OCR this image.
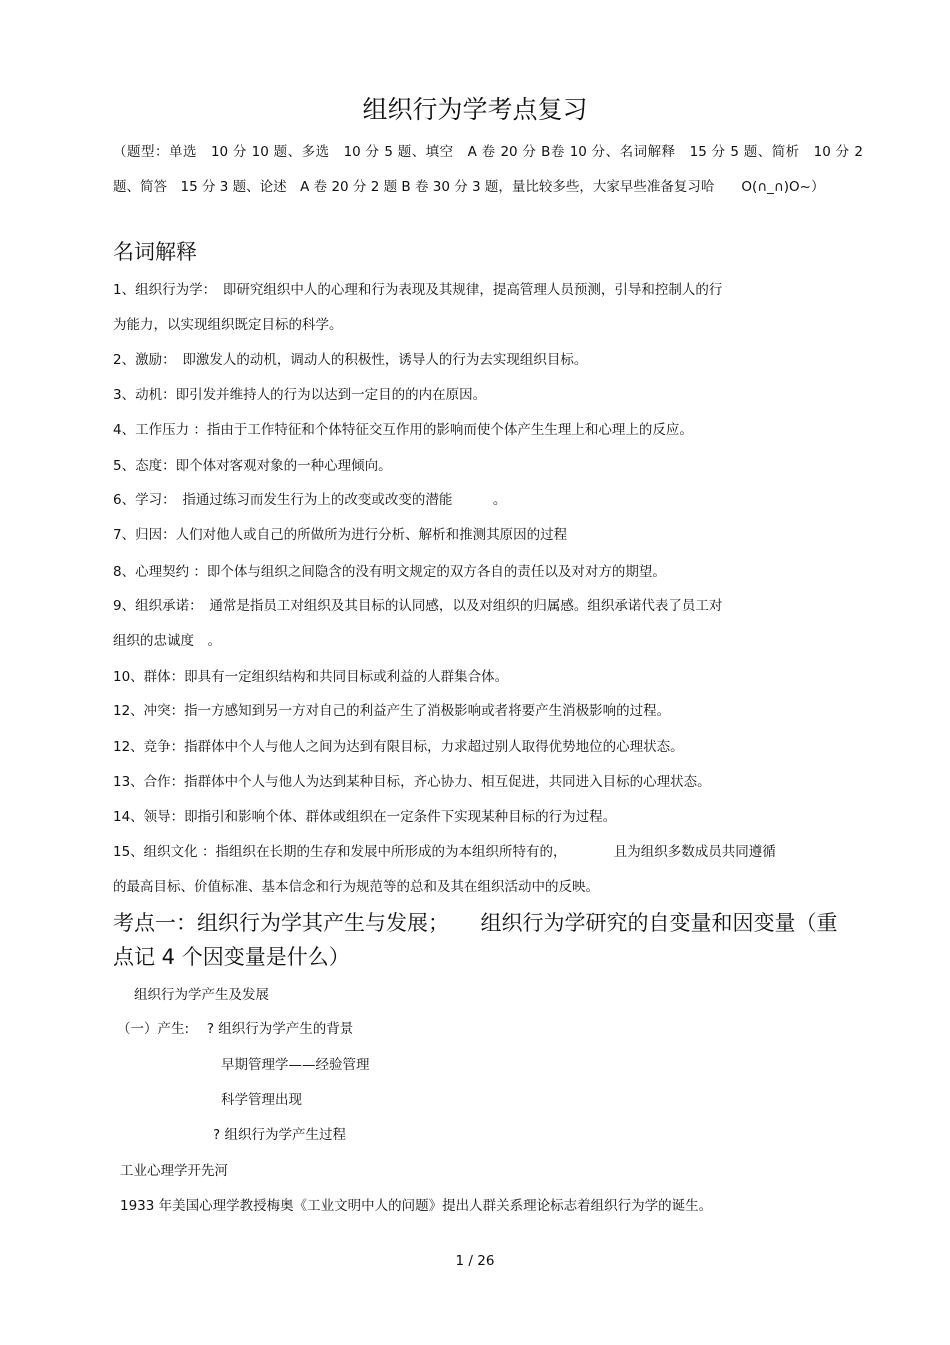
组织行为学考点复习
（题型：单选　10 分 10 题、多选　10 分 5 题、填空　A 卷 20 分 B卷 10 分、名词解释　15 分 5 题、简析　10 分 2 题、简答　15 分 3 题、论述　A 卷 20 分 2 题 B 卷 30 分 3 题，量比较多些，大家早些准备复习哈　　O(∩_∩)O~）
名词解释
1、组织行为学：　即研究组织中人的心理和行为表现及其规律，提高管理人员预测，引导和控制人的行
为能力，以实现组织既定目标的科学。
2、激励：　即激发人的动机，调动人的积极性，诱导人的行为去实现组织目标。
3、动机：即引发并维持人的行为以达到一定目的的内在原因。
4、工作压力 ：指由于工作特征和个体特征交互作用的影响而使个体产生生理上和心理上的反应。
5、态度：即个体对客观对象的一种心理倾向。
6、学习：　指通过练习而发生行为上的改变或改变的潜能　　　。
7、归因：人们对他人或自己的所做所为进行分析、解析和推测其原因的过程
8、心理契约 ：即个体与组织之间隐含的没有明文规定的双方各自的责任以及对对方的期望。
9、组织承诺：　通常是指员工对组织及其目标的认同感，以及对组织的归属感。组织承诺代表了员工对
组织的忠诚度　。
10、群体：即具有一定组织结构和共同目标或利益的人群集合体。
12、冲突：指一方感知到另一方对自己的利益产生了消极影响或者将要产生消极影响的过程。
12、竞争：指群体中个人与他人之间为达到有限目标，力求超过别人取得优势地位的心理状态。
13、合作：指群体中个人与他人为达到某种目标，齐心协力、相互促进，共同进入目标的心理状态。
14、领导：即指引和影响个体、群体或组织在一定条件下实现某种目标的行为过程。
15、组织文化 ：指组织在长期的生存和发展中所形成的为本组织所特有的，　　　　且为组织多数成员共同遵循
的最高目标、价值标准、基本信念和行为规范等的总和及其在组织活动中的反映。
考点一：组织行为学其产生与发展；　　组织行为学研究的自变量和因变量（重
点记 4 个因变量是什么）
组织行为学产生及发展
（一）产生:　 ? 组织行为学产生的背景
早期管理学——经验管理
科学管理出现
? 组织行为学产生过程
工业心理学开先河
1933 年美国心理学教授梅奥《工业文明中人的问题》提出人群关系理论标志着组织行为学的诞生。
1 / 26
